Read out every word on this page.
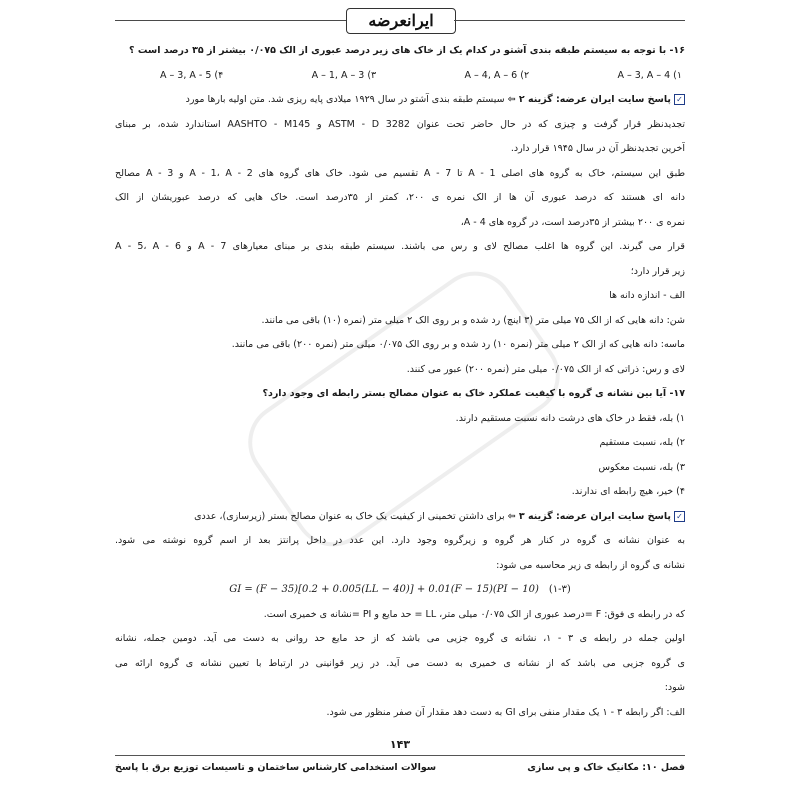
​
ایرانعرضه
۱۶- با توجه به سیستم طبقه بندی آشتو در کدام یک از خاک های زیر درصد عبوری از الک ۰/۰۷۵ بیشتر از ۳۵ درصد است ؟
A – 3, A – 4 (۱
A – 4, A – 6 (۲
A – 1, A – 3 (۳
A – 3, A - 5 (۴
✓پاسخ سایت ایران عرضه: گزینه ۲ ⇦ سیستم طبقه بندی آشتو در سال ۱۹۲۹ میلادی پایه ریزی شد. متن اولیه بارها مورد
تجدیدنظر قرار گرفت و چیزی که در حال حاضر تحت عنوان ASTM - D 3282 و AASHTO - M145 استاندارد شده، بر مبنای
آخرین تجدیدنظر آن در سال ۱۹۴۵ قرار دارد.
طبق این سیستم، خاک به گروه های اصلی A - 1 تا A - 7 تقسیم می شود. خاک های گروه های A - 1، A - 2 و A - 3 مصالح
دانه ای هستند که درصد عبوری آن ها از الک نمره ی ۲۰۰، کمتر از ۳۵درصد است. خاک هایی که درصد عبوریشان از الک
نمره ی ۲۰۰ بیشتر از ۳۵درصد است، در گروه های A - 4،
A - 5، A - 6 و A - 7 قرار می گیرند. این گروه ها اغلب مصالح لای و رس می باشند. سیستم طبقه بندی بر مبنای معیارهای
زیر قرار دارد؛
الف - اندازه دانه ها
شن: دانه هایی که از الک ۷۵ میلی متر (۳ اینچ) رد شده و بر روی الک ۲ میلی متر (نمره (۱۰) باقی می مانند.
ماسه: دانه هایی که از الک ۲ میلی متر (نمره ۱۰) رد شده و بر روی الک ۰/۰۷۵ میلی متر (نمره ۲۰۰) باقی می مانند.
لای و رس: ذراتی که از الک ۰/۰۷۵ میلی متر (نمره ۲۰۰) عبور می کنند.
۱۷- آیا بین نشانه ی گروه با کیفیت عملکرد خاک به عنوان مصالح بستر رابطه ای وجود دارد؟
۱) بله، فقط در خاک های درشت دانه نسبت مستقیم دارند.
۲) بله، نسبت مستقیم
۳) بله، نسبت معکوس
۴) خیر، هیچ رابطه ای ندارند.
✓پاسخ سایت ایران عرضه: گزینه ۳ ⇦ برای داشتن تخمینی از کیفیت یک خاک به عنوان مصالح بستر (زیرسازی)، عددی
به عنوان نشانه ی گروه در کنار هر گروه و زیرگروه وجود دارد. این عدد در داخل پرانتز بعد از اسم گروه نوشته می شود.
نشانه ی گروه از رابطه ی زیر محاسبه می شود:
GI = (F − 35)[0.2 + 0.005(LL − 40)] + 0.01(F − 15)(PI − 10) (۱-۳)
که در رابطه ی فوق: F =درصد عبوری از الک ۰/۰۷۵ میلی متر، LL = حد مایع و PI =نشانه ی خمیری است.
اولین جمله در رابطه ی ۳ - ۱، نشانه ی گروه جزیی می باشد که از حد مایع حد روانی به دست می آید. دومین جمله، نشانه
ی گروه جزیی می باشد که از نشانه ی خمیری به دست می آید. در زیر قوانینی در ارتباط با تعیین نشانه ی گروه ارائه می
شود:
الف: اگر رابطه ۳ - ۱ یک مقدار منفی برای GI به دست دهد مقدار آن صفر منظور می شود.
۱۴۳
سوالات استخدامی کارشناس ساختمان و تاسیسات توزیع برق با پاسخ	فصل ۱۰: مکانیک خاک و پی سازی
